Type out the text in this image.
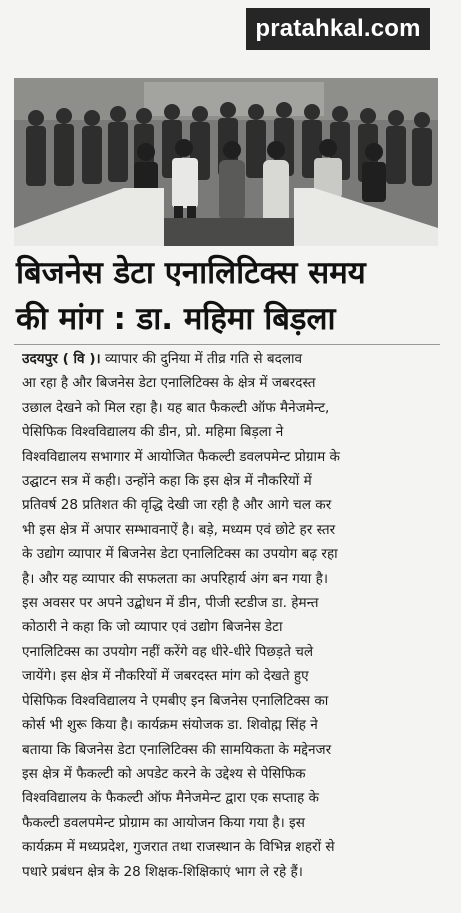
pratahkal.com
बिजनेस डेटा एनालिटिक्स समय
की मांग : डा. महिमा बिड़ला
उदयपुर ( वि )। व्यापार की दुनिया में तीव्र गति से बदलाव
आ रहा है और बिजनेस डेटा एनालिटिक्स के क्षेत्र में जबरदस्त
उछाल देखने को मिल रहा है। यह बात फैकल्टी ऑफ मैनेजमेन्ट,
पेसिफिक विश्वविद्यालय की डीन, प्रो. महिमा बिड़ला ने
विश्वविद्यालय सभागार में आयोजित फैकल्टी डवलपमेन्ट प्रोग्राम के
उद्घाटन सत्र में कही। उन्होंने कहा कि इस क्षेत्र में नौकरियों में
प्रतिवर्ष 28 प्रतिशत की वृद्धि देखी जा रही है और आगे चल कर
भी इस क्षेत्र में अपार सम्भावनाऐं है। बड़े, मध्यम एवं छोटे हर स्तर
के उद्योग व्यापार में बिजनेस डेटा एनालिटिक्स का उपयोग बढ़ रहा
है। और यह व्यापार की सफलता का अपरिहार्य अंग बन गया है।
इस अवसर पर अपने उद्बोधन में डीन, पीजी स्टडीज डा. हेमन्त
कोठारी ने कहा कि जो व्यापार एवं उद्योग बिजनेस डेटा
एनालिटिक्स का उपयोग नहीं करेंगे वह धीरे-धीरे पिछड़ते चले
जायेंगे। इस क्षेत्र में नौकरियों में जबरदस्त मांग को देखते हुए
पेसिफिक विश्वविद्यालय ने एमबीए इन बिजनेस एनालिटिक्स का
कोर्स भी शुरू किया है। कार्यक्रम संयोजक डा. शिवोह्म सिंह ने
बताया कि बिजनेस डेटा एनालिटिक्स की सामयिकता के मद्देनजर
इस क्षेत्र में फैकल्टी को अपडेट करने के उद्देश्य से पेसिफिक
विश्वविद्यालय के फैकल्टी ऑफ मैनेजमेन्ट द्वारा एक सप्ताह के
फैकल्टी डवलपमेन्ट प्रोग्राम का आयोजन किया गया है। इस
कार्यक्रम में मध्यप्रदेश, गुजरात तथा राजस्थान के विभिन्न शहरों से
पधारे प्रबंधन क्षेत्र के 28 शिक्षक-शिक्षिकाएं भाग ले रहे हैं।
